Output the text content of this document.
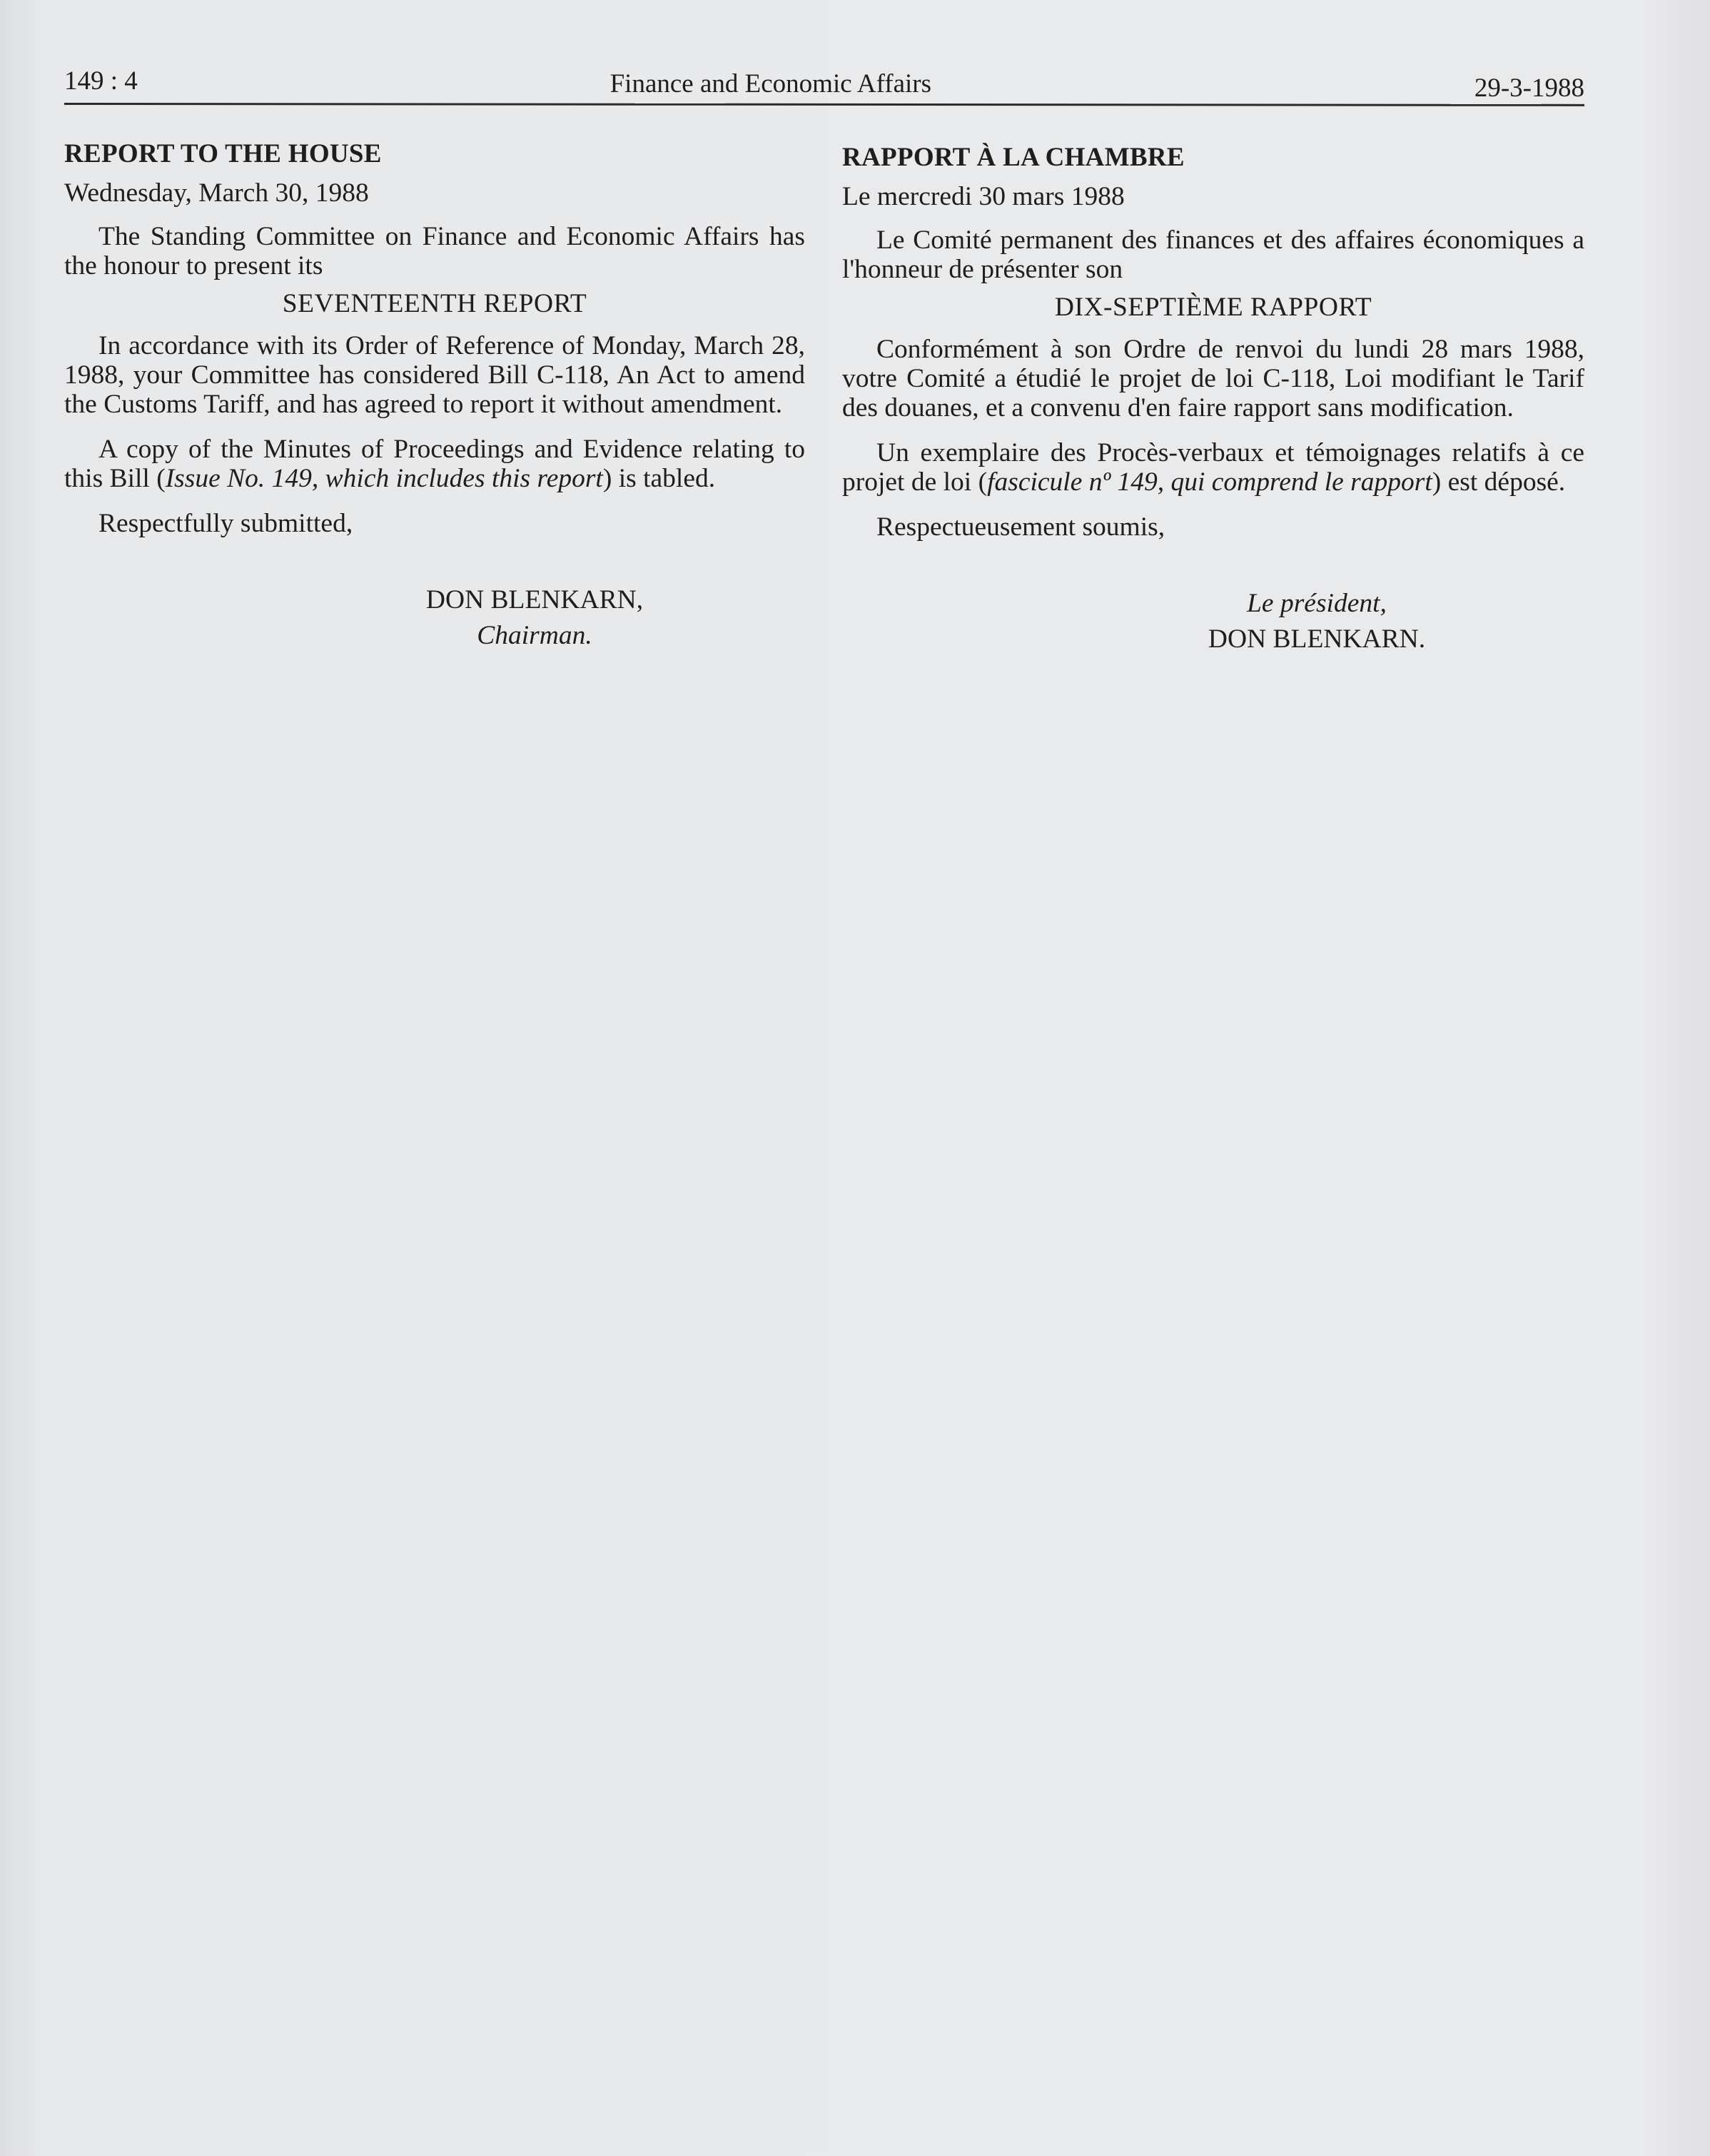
149 : 4	Finance and Economic Affairs	29-3-1988
REPORT TO THE HOUSE
Wednesday, March 30, 1988

The Standing Committee on Finance and Economic Affairs has the honour to present its

SEVENTEENTH REPORT

In accordance with its Order of Reference of Monday, March 28, 1988, your Committee has considered Bill C-118, An Act to amend the Customs Tariff, and has agreed to report it without amendment.

A copy of the Minutes of Proceedings and Evidence relating to this Bill (Issue No. 149, which includes this report) is tabled.

Respectfully submitted,

DON BLENKARN,
Chairman.
RAPPORT À LA CHAMBRE
Le mercredi 30 mars 1988

Le Comité permanent des finances et des affaires économiques a l'honneur de présenter son

DIX-SEPTIÈME RAPPORT

Conformément à son Ordre de renvoi du lundi 28 mars 1988, votre Comité a étudié le projet de loi C-118, Loi modifiant le Tarif des douanes, et a convenu d'en faire rapport sans modification.

Un exemplaire des Procès-verbaux et témoignages relatifs à ce projet de loi (fascicule nº 149, qui comprend le rapport) est déposé.

Respectueusement soumis,

Le président,
DON BLENKARN.
